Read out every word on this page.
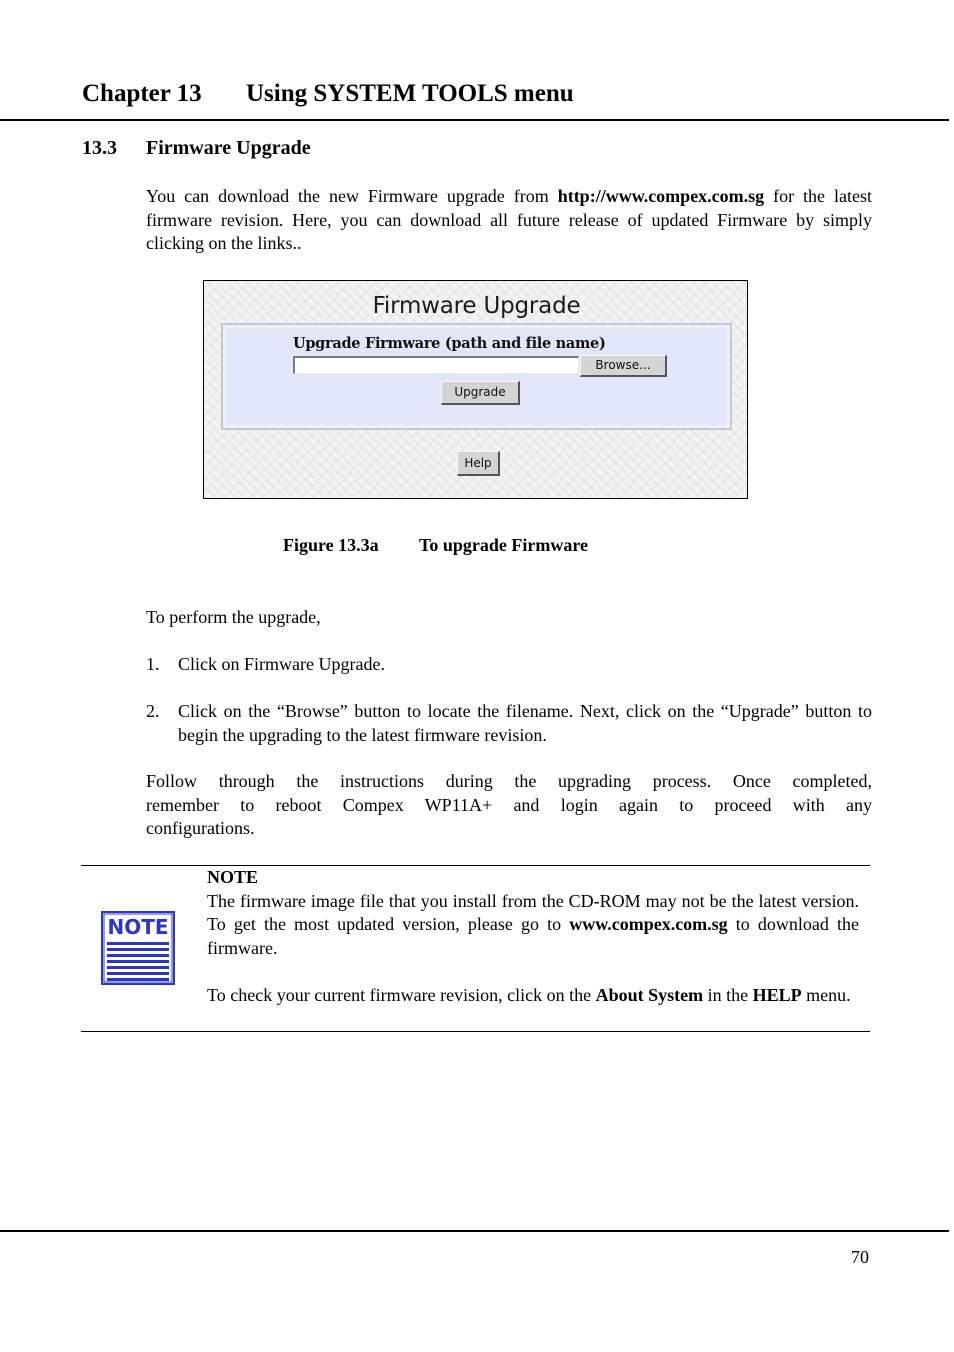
Chapter 13 Using SYSTEM TOOLS menu
13.3 Firmware Upgrade
You can download the new Firmware upgrade from http://www.compex.com.sg for the latest firmware revision. Here, you can download all future release of updated Firmware by simply clicking on the links..
Firmware Upgrade
Upgrade Firmware (path and file name)
Browse...
Upgrade
Help
Figure 13.3a To upgrade Firmware
To perform the upgrade,
1.	Click on Firmware Upgrade.
2.	Click on the “Browse” button to locate the filename. Next, click on the “Upgrade” button to begin the upgrading to the latest firmware revision.
Follow through the instructions during the upgrading process. Once completed,
remember to reboot Compex WP11A+ and login again to proceed with any
configurations.
NOTE
NOTE
The firmware image file that you install from the CD-ROM may not be the latest version. To get the most updated version, please go to www.compex.com.sg to download the firmware.
To check your current firmware revision, click on the About System in the HELP menu.
70
